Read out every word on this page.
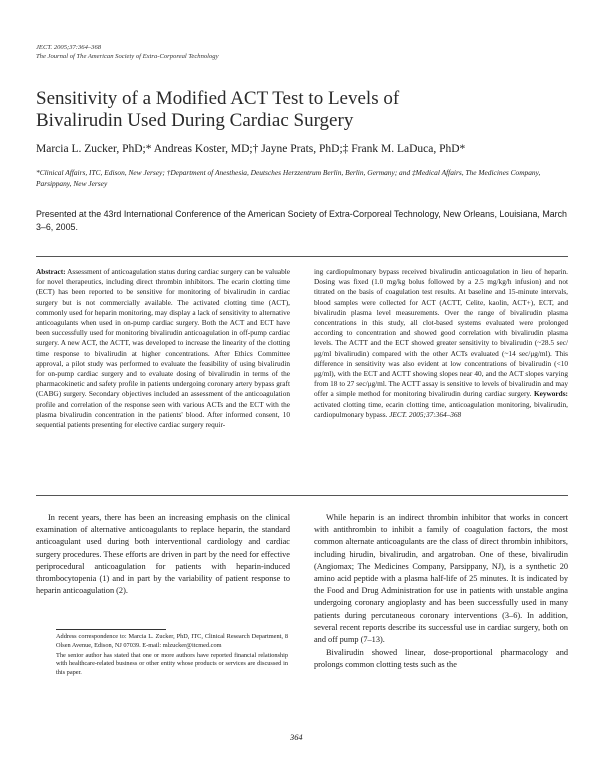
JECT. 2005;37:364–368
The Journal of The American Society of Extra-Corporeal Technology
Sensitivity of a Modified ACT Test to Levels of Bivalirudin Used During Cardiac Surgery
Marcia L. Zucker, PhD;* Andreas Koster, MD;† Jayne Prats, PhD;‡ Frank M. LaDuca, PhD*
*Clinical Affairs, ITC, Edison, New Jersey; †Department of Anesthesia, Deutsches Herzzentrum Berlin, Berlin, Germany; and ‡Medical Affairs, The Medicines Company, Parsippany, New Jersey
Presented at the 43rd International Conference of the American Society of Extra-Corporeal Technology, New Orleans, Louisiana, March 3–6, 2005.
Abstract: Assessment of anticoagulation status during cardiac surgery can be valuable for novel therapeutics, including direct thrombin inhibitors. The ecarin clotting time (ECT) has been reported to be sensitive for monitoring of bivalirudin in cardiac surgery but is not commercially available. The activated clotting time (ACT), commonly used for heparin monitoring, may display a lack of sensitivity to alternative anticoagulants when used in on-pump cardiac surgery. Both the ACT and ECT have been successfully used for monitoring bivalirudin anticoagulation in off-pump cardiac surgery. A new ACT, the ACTT, was developed to increase the linearity of the clotting time response to bivalirudin at higher concentrations. After Ethics Committee approval, a pilot study was performed to evaluate the feasibility of using bivalirudin for on-pump cardiac surgery and to evaluate dosing of bivalirudin in terms of the pharmacokinetic and safety profile in patients undergoing coronary artery bypass graft (CABG) surgery. Secondary objectives included an assessment of the anticoagulation profile and correlation of the response seen with various ACTs and the ECT with the plasma bivalirudin concentration in the patients' blood. After informed consent, 10 sequential patients presenting for elective cardiac surgery requir-
ing cardiopulmonary bypass received bivalirudin anticoagulation in lieu of heparin. Dosing was fixed (1.0 mg/kg bolus followed by a 2.5 mg/kg/h infusion) and not titrated on the basis of coagulation test results. At baseline and 15-minute intervals, blood samples were collected for ACT (ACTT, Celite, kaolin, ACT+), ECT, and bivalirudin plasma level measurements. Over the range of bivalirudin plasma concentrations in this study, all clot-based systems evaluated were prolonged according to concentration and showed good correlation with bivalirudin plasma levels. The ACTT and the ECT showed greater sensitivity to bivalirudin (~28.5 sec/μg/ml bivalirudin) compared with the other ACTs evaluated (~14 sec/μg/ml). This difference in sensitivity was also evident at low concentrations of bivalirudin (<10 μg/ml), with the ECT and ACTT showing slopes near 40, and the ACT slopes varying from 18 to 27 sec/μg/ml. The ACTT assay is sensitive to levels of bivalirudin and may offer a simple method for monitoring bivalirudin during cardiac surgery. Keywords: activated clotting time, ecarin clotting time, anticoagulation monitoring, bivalirudin, cardiopulmonary bypass. JECT. 2005;37:364–368

In recent years, there has been an increasing emphasis on the clinical examination of alternative anticoagulants to replace heparin, the standard anticoagulant used during both interventional cardiology and cardiac surgery procedures. These efforts are driven in part by the need for effective periprocedural anticoagulation for patients with heparin-induced thrombocytopenia (1) and in part by the variability of patient response to heparin anticoagulation (2).

While heparin is an indirect thrombin inhibitor that works in concert with antithrombin to inhibit a family of coagulation factors, the most common alternate anticoagulants are the class of direct thrombin inhibitors, including hirudin, bivalirudin, and argatroban. One of these, bivalirudin (Angiomax; The Medicines Company, Parsippany, NJ), is a synthetic 20 amino acid peptide with a plasma half-life of 25 minutes. It is indicated by the Food and Drug Administration for use in patients with unstable angina undergoing coronary angioplasty and has been successfully used in many patients during percutaneous coronary interventions (3–6). In addition, several recent reports describe its successful use in cardiac surgery, both on and off pump (7–13).

Bivalirudin showed linear, dose-proportional pharmacology and prolongs common clotting tests such as the

Address correspondence to: Marcia L. Zucker, PhD, ITC, Clinical Research Department, 8 Olsen Avenue, Edison, NJ 07039. E-mail: mlzucker@itcmed.com

The senior author has stated that one or more authors have reported financial relationship with healthcare-related business or other entity whose products or services are discussed in this paper.

364
